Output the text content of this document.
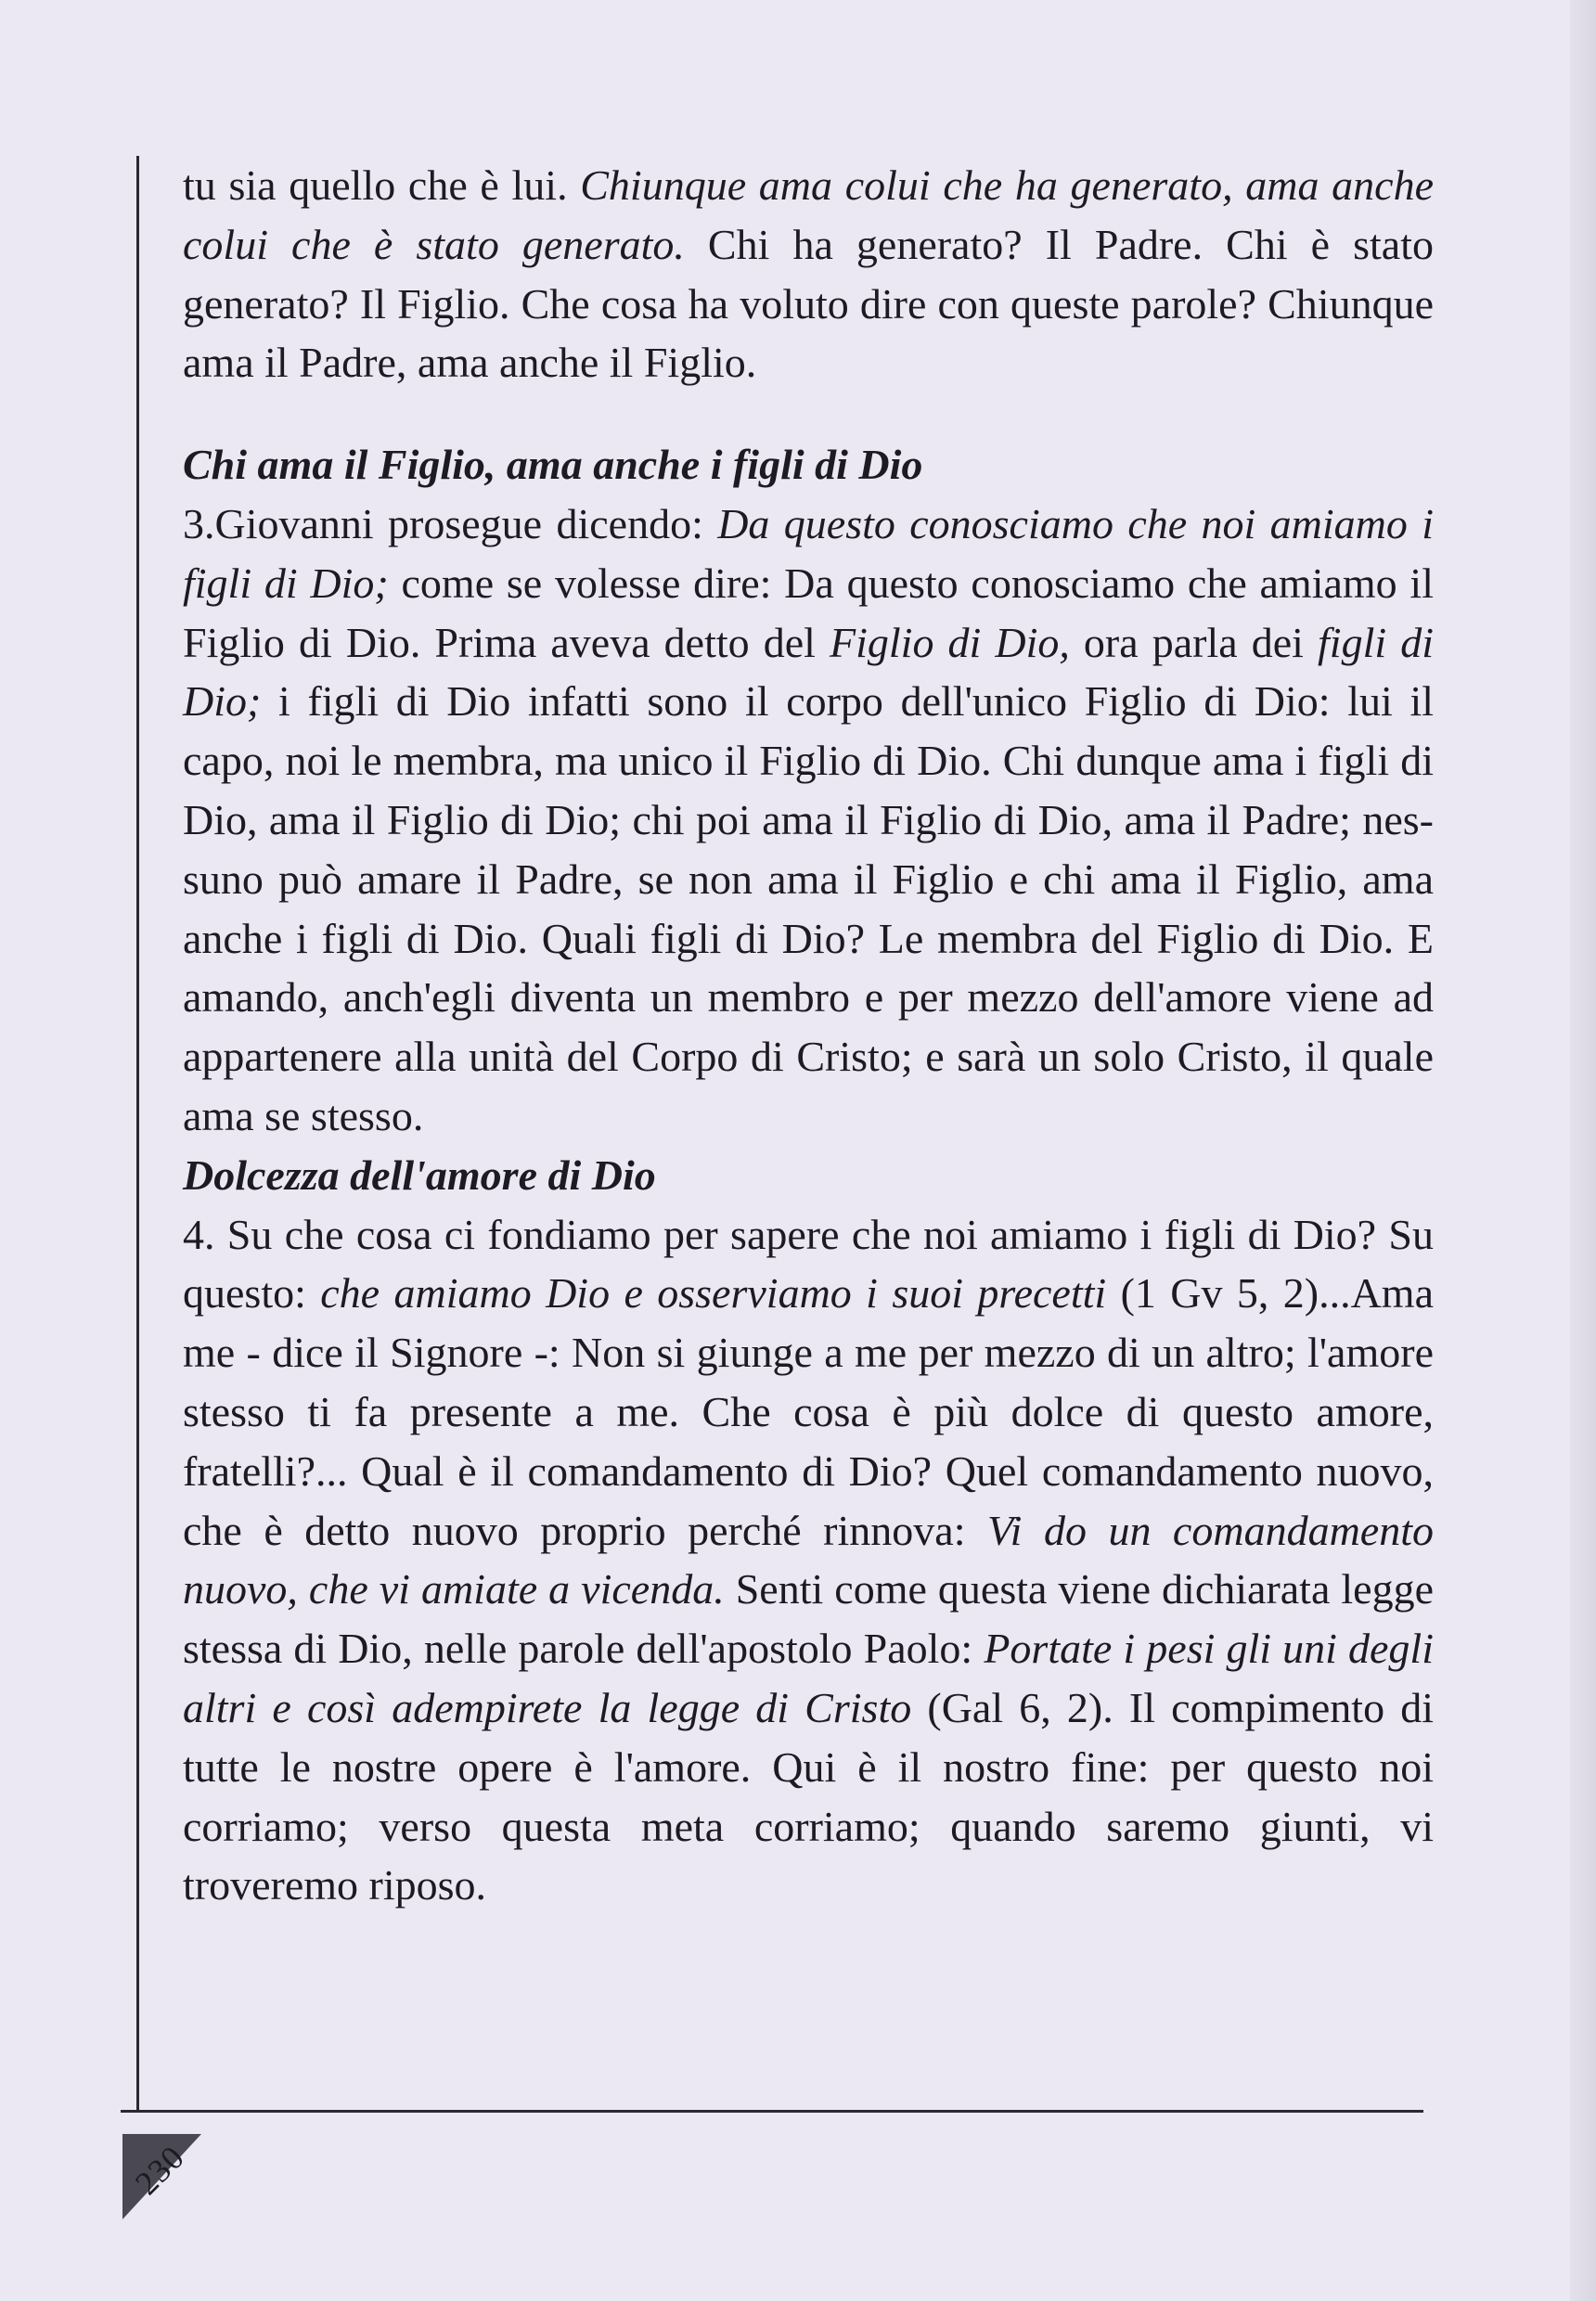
tu sia quello che è lui. Chiunque ama colui che ha generato, ama anche colui che è stato generato. Chi ha generato? Il Padre. Chi è stato generato? Il Figlio. Che cosa ha voluto dire con queste parole? Chiunque ama il Padre, ama anche il Figlio.

Chi ama il Figlio, ama anche i figli di Dio

3.Giovanni prosegue dicendo: Da questo conosciamo che noi amiamo i figli di Dio; come se volesse dire: Da questo conosciamo che amiamo il Figlio di Dio. Prima aveva detto del Figlio di Dio, ora parla dei figli di Dio; i figli di Dio infatti sono il corpo dell'unico Figlio di Dio: lui il capo, noi le membra, ma unico il Figlio di Dio. Chi dunque ama i figli di Dio, ama il Figlio di Dio; chi poi ama il Figlio di Dio, ama il Padre; nessuno può amare il Padre, se non ama il Figlio e chi ama il Figlio, ama anche i figli di Dio. Quali figli di Dio? Le membra del Figlio di Dio. E amando, anch'egli diventa un membro e per mezzo dell'amore viene ad appartenere alla unità del Corpo di Cristo; e sarà un solo Cristo, il quale ama se stesso.

Dolcezza dell'amore di Dio

4. Su che cosa ci fondiamo per sapere che noi amiamo i figli di Dio? Su questo: che amiamo Dio e osserviamo i suoi precetti (1 Gv 5, 2)...Ama me - dice il Signore -: Non si giunge a me per mezzo di un altro; l'amore stesso ti fa presente a me. Che cosa è più dolce di questo amore, fratelli?... Qual è il comandamento di Dio? Quel comandamento nuovo, che è detto nuovo proprio perché rinnova: Vi do un comandamento nuovo, che vi amiate a vicenda. Senti come questa viene dichiarata legge stessa di Dio, nelle parole dell'apostolo Paolo: Portate i pesi gli uni degli altri e così adempirete la legge di Cristo (Gal 6, 2). Il compimento di tutte le nostre opere è l'amore. Qui è il nostro fine: per questo noi corriamo; verso questa meta corriamo; quando saremo giunti, vi troveremo riposo.

230
